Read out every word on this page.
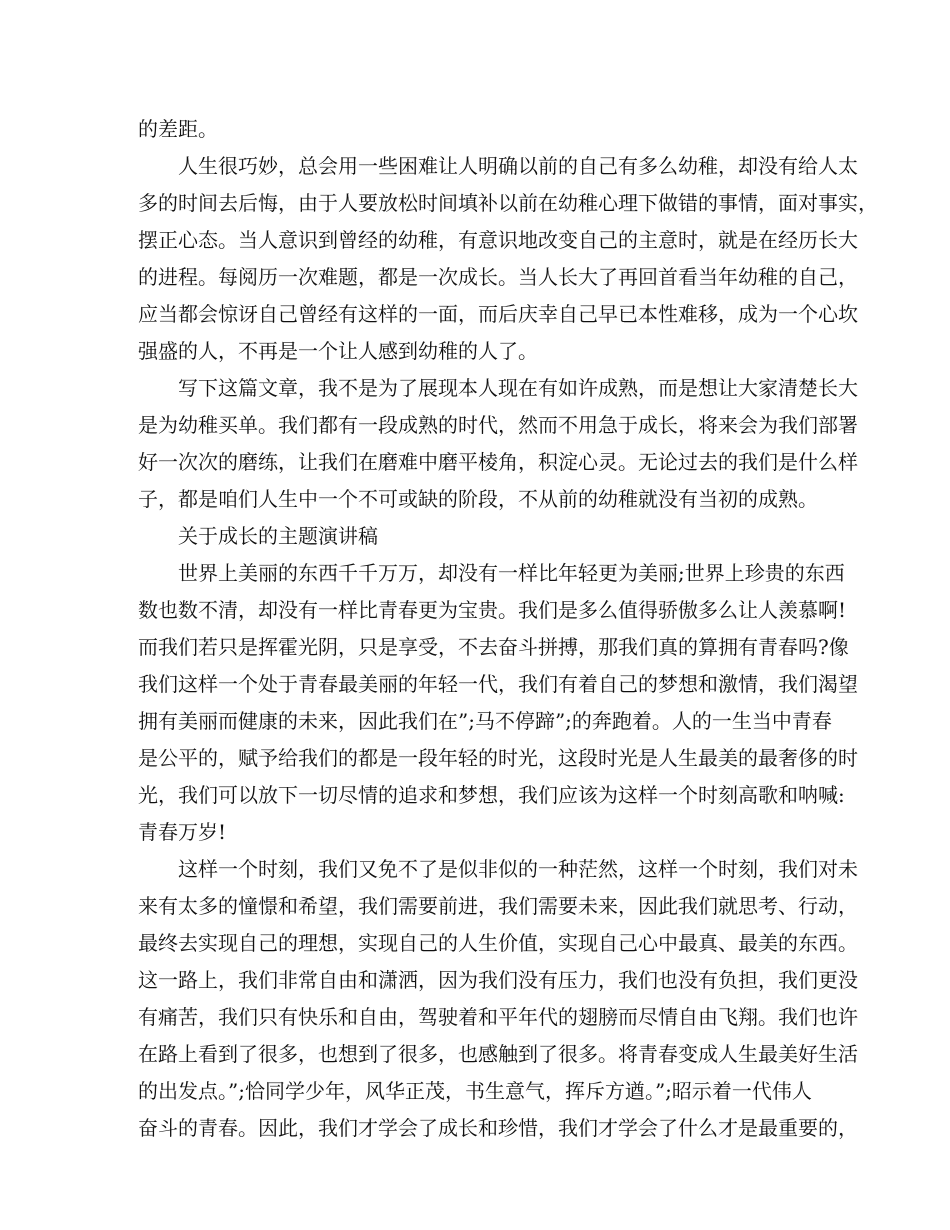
的差距。
人生很巧妙，总会用一些困难让人明确以前的自己有多么幼稚，却没有给人太
多的时间去后悔，由于人要放松时间填补以前在幼稚心理下做错的事情，面对事实，
摆正心态。当人意识到曾经的幼稚，有意识地改变自己的主意时，就是在经历长大
的进程。每阅历一次难题，都是一次成长。当人长大了再回首看当年幼稚的自己，
应当都会惊讶自己曾经有这样的一面，而后庆幸自己早已本性难移，成为一个心坎
强盛的人，不再是一个让人感到幼稚的人了。
写下这篇文章，我不是为了展现本人现在有如许成熟，而是想让大家清楚长大
是为幼稚买单。我们都有一段成熟的时代，然而不用急于成长，将来会为我们部署
好一次次的磨练，让我们在磨难中磨平棱角，积淀心灵。无论过去的我们是什么样
子，都是咱们人生中一个不可或缺的阶段，不从前的幼稚就没有当初的成熟。
关于成长的主题演讲稿
世界上美丽的东西千千万万，却没有一样比年轻更为美丽;世界上珍贵的东西
数也数不清，却没有一样比青春更为宝贵。我们是多么值得骄傲多么让人羡慕啊!
而我们若只是挥霍光阴，只是享受，不去奋斗拼搏，那我们真的算拥有青春吗?像
我们这样一个处于青春最美丽的年轻一代，我们有着自己的梦想和激情，我们渴望
拥有美丽而健康的未来，因此我们在”;马不停蹄”;的奔跑着。人的一生当中青春
是公平的，赋予给我们的都是一段年轻的时光，这段时光是人生最美的最奢侈的时
光，我们可以放下一切尽情的追求和梦想，我们应该为这样一个时刻高歌和呐喊:
青春万岁!
这样一个时刻，我们又免不了是似非似的一种茫然，这样一个时刻，我们对未
来有太多的憧憬和希望，我们需要前进，我们需要未来，因此我们就思考、行动，
最终去实现自己的理想，实现自己的人生价值，实现自己心中最真、最美的东西。
这一路上，我们非常自由和潇洒，因为我们没有压力，我们也没有负担，我们更没
有痛苦，我们只有快乐和自由，驾驶着和平年代的翅膀而尽情自由飞翔。我们也许
在路上看到了很多，也想到了很多，也感触到了很多。将青春变成人生最美好生活
的出发点。”;恰同学少年，风华正茂，书生意气，挥斥方遒。”;昭示着一代伟人
奋斗的青春。因此，我们才学会了成长和珍惜，我们才学会了什么才是最重要的，
